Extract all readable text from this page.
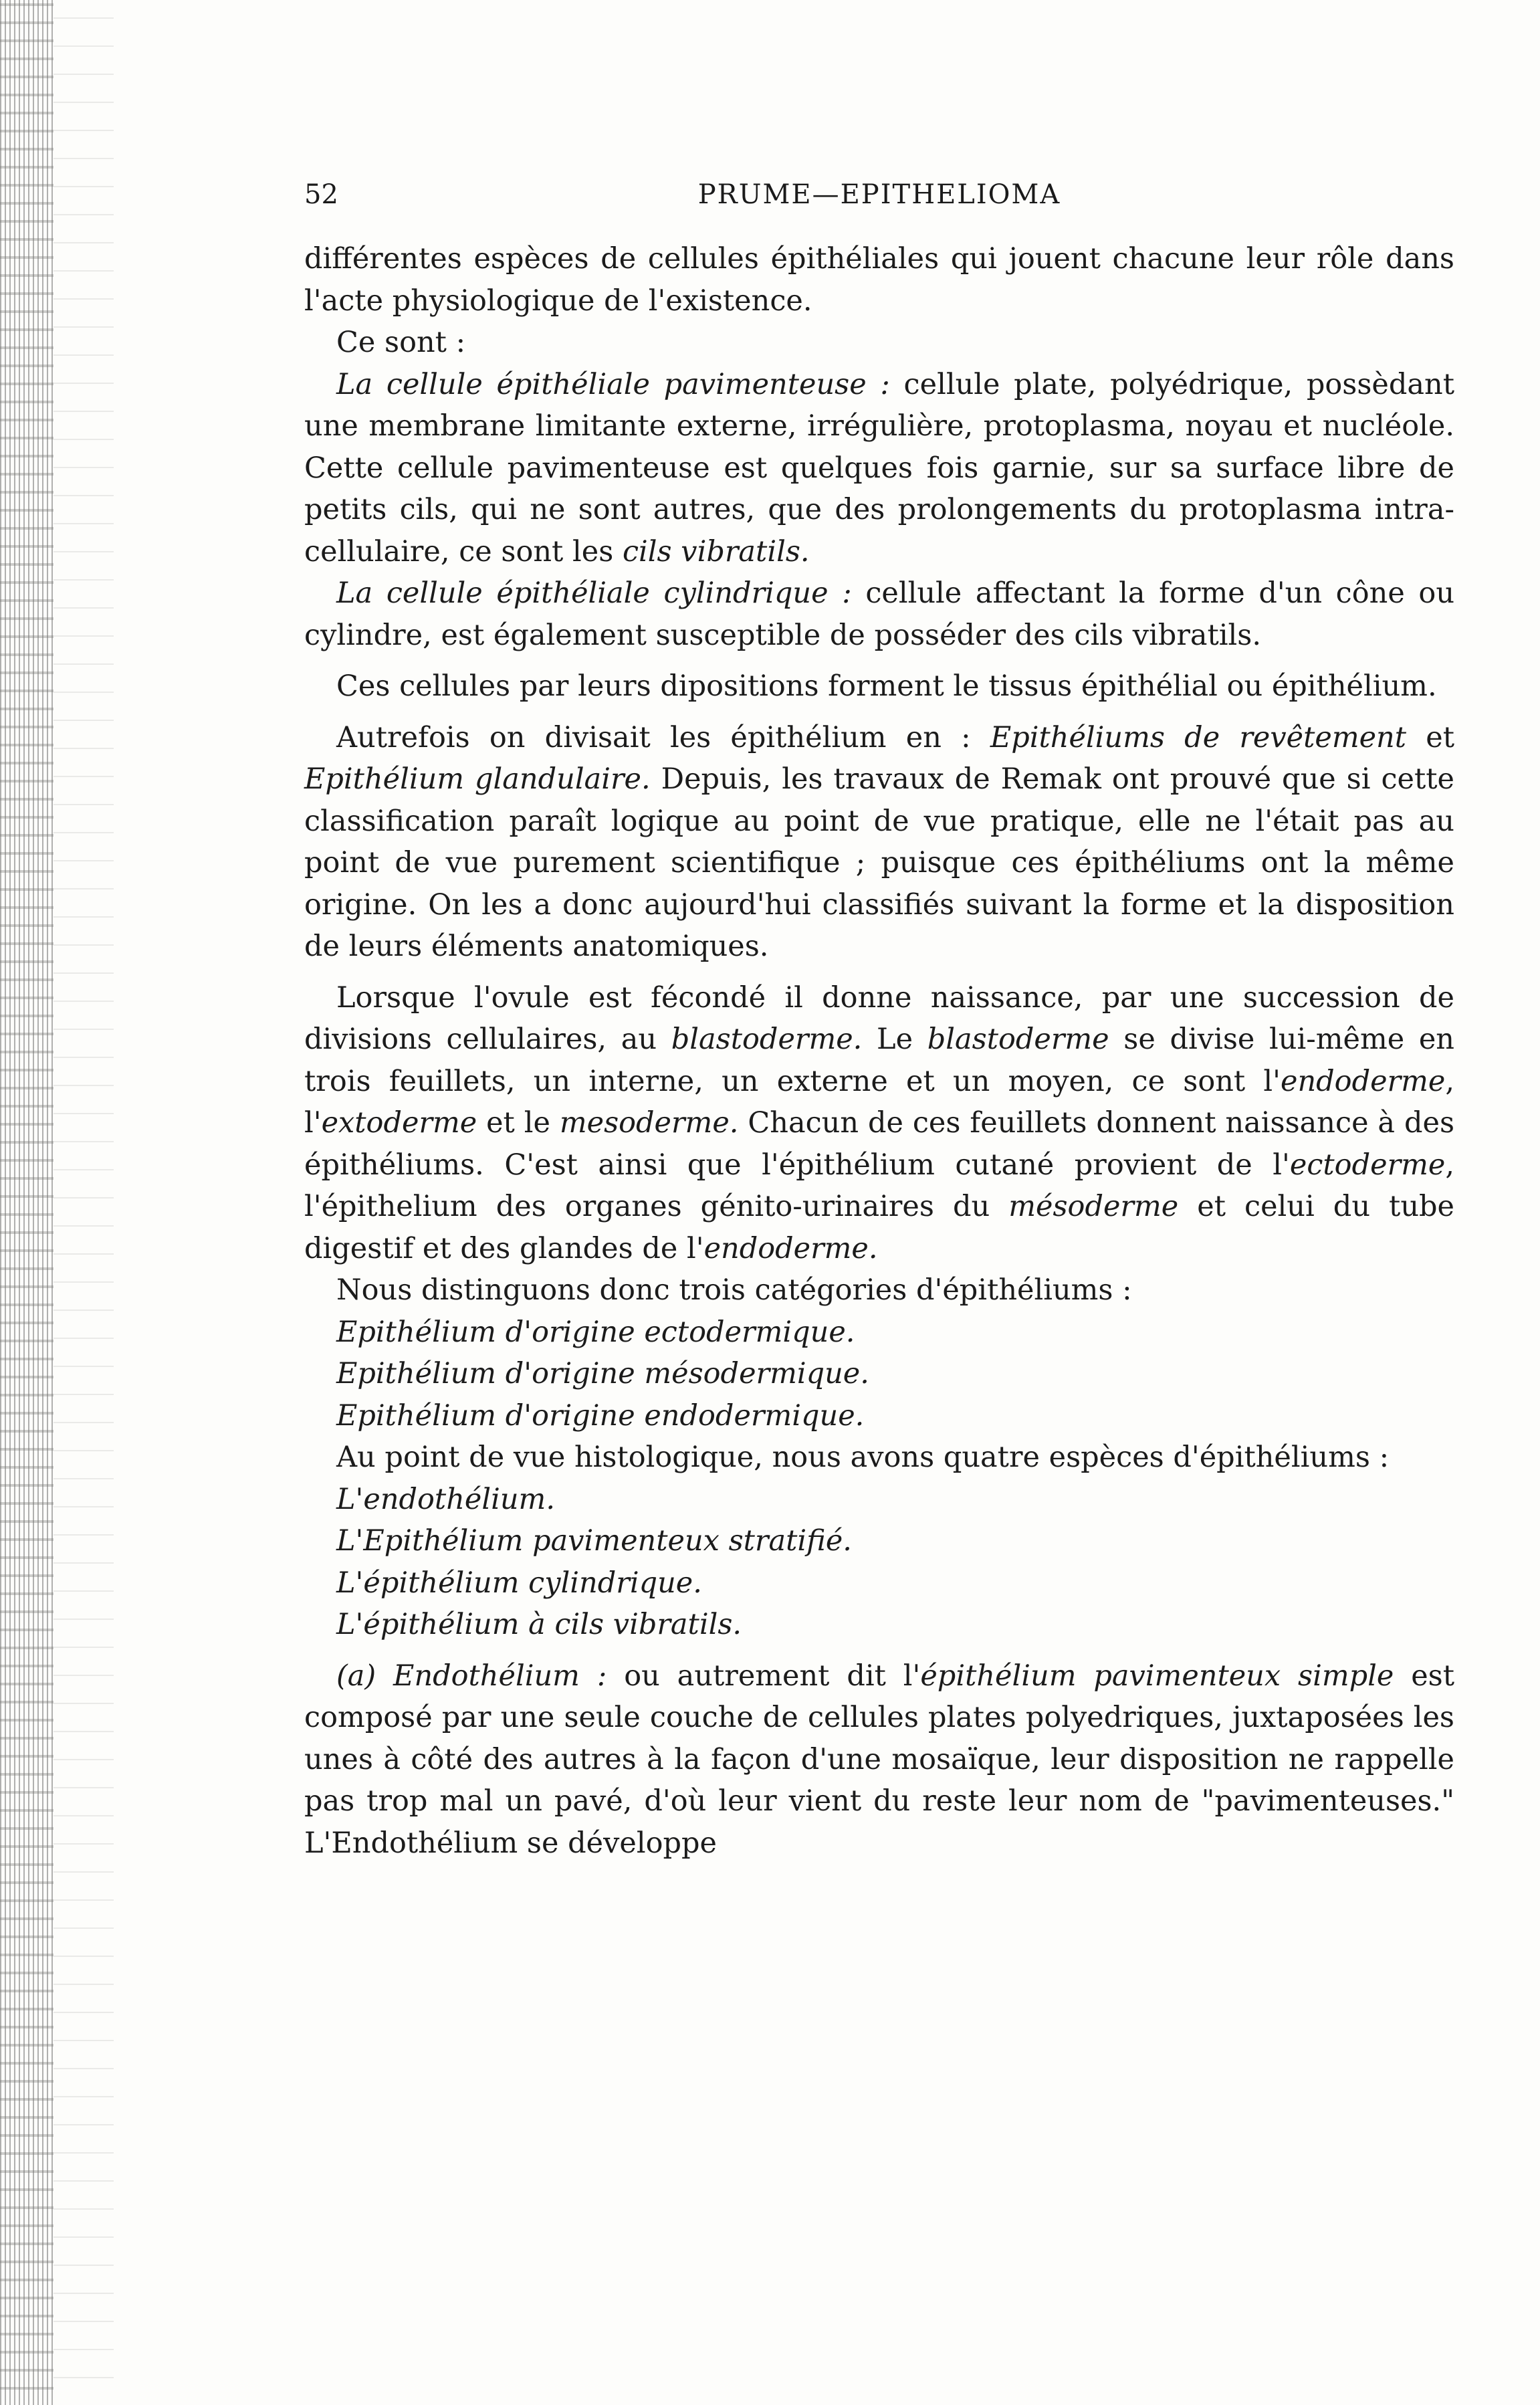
52	PRUME—EPITHELIOMA

différentes espèces de cellules épithéliales qui jouent chacune leur rôle dans l'acte physiologique de l'existence.

Ce sont :

La cellule épithéliale pavimenteuse : cellule plate, polyédrique, possèdant une membrane limitante externe, irrégulière, protoplasma, noyau et nucléole. Cette cellule pavimenteuse est quelques fois garnie, sur sa surface libre de petits cils, qui ne sont autres, que des prolongements du protoplasma intra-cellulaire, ce sont les cils vibratils.

La cellule épithéliale cylindrique : cellule affectant la forme d'un cône ou cylindre, est également susceptible de posséder des cils vibratils.

Ces cellules par leurs dipositions forment le tissus épithélial ou épithélium.

Autrefois on divisait les épithélium en : Epithéliums de revêtement et Epithélium glandulaire. Depuis, les travaux de Remak ont prouvé que si cette classification paraît logique au point de vue pratique, elle ne l'était pas au point de vue purement scientifique ; puisque ces épithéliums ont la même origine. On les a donc aujourd'hui classifiés suivant la forme et la disposition de leurs éléments anatomiques.

Lorsque l'ovule est fécondé il donne naissance, par une succession de divisions cellulaires, au blastoderme. Le blastoderme se divise lui-même en trois feuillets, un interne, un externe et un moyen, ce sont l'endoderme, l'extoderme et le mesoderme. Chacun de ces feuillets donnent naissance à des épithéliums. C'est ainsi que l'épithélium cutané provient de l'ectoderme, l'épithelium des organes génito-urinaires du mésoderme et celui du tube digestif et des glandes de l'endoderme.

Nous distinguons donc trois catégories d'épithéliums :

Epithélium d'origine ectodermique.

Epithélium d'origine mésodermique.

Epithélium d'origine endodermique.

Au point de vue histologique, nous avons quatre espèces d'épithéliums :

L'endothélium.

L'Epithélium pavimenteux stratifié.

L'épithélium cylindrique.

L'épithélium à cils vibratils.

(a) Endothélium : ou autrement dit l'épithélium pavimenteux simple est composé par une seule couche de cellules plates polyedriques, juxtaposées les unes à côté des autres à la façon d'une mosaïque, leur disposition ne rappelle pas trop mal un pavé, d'où leur vient du reste leur nom de "pavimenteuses." L'Endothélium se développe
